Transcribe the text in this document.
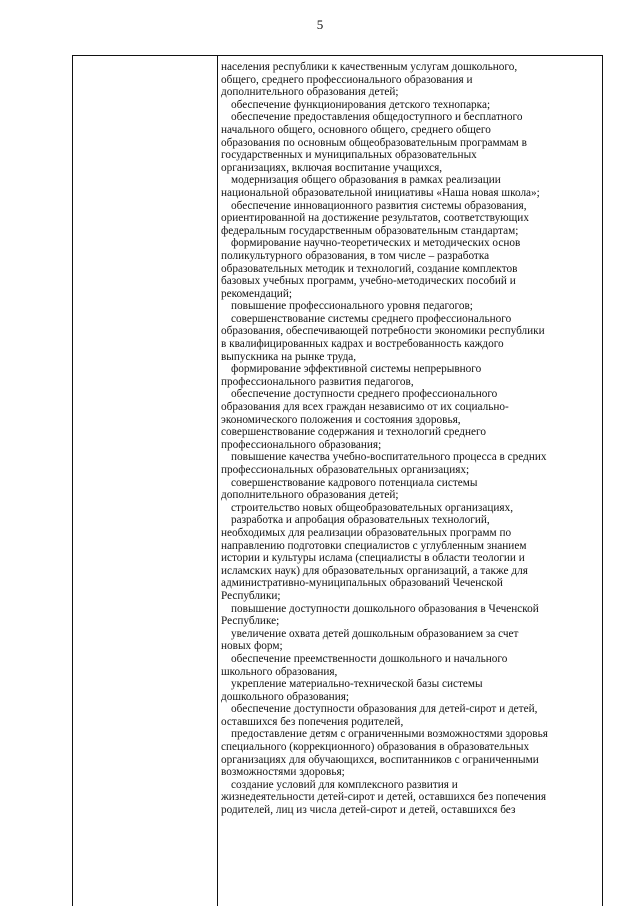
5
населения республики к качественным услугам дошкольного,
общего, среднего профессионального образования и
дополнительного образования детей;
обеспечение функционирования детского технопарка;
обеспечение предоставления общедоступного и бесплатного
начального общего, основного общего, среднего общего
образования по основным общеобразовательным программам в
государственных и муниципальных образовательных
организациях, включая воспитание учащихся,
модернизация общего образования в рамках реализации
национальной образовательной инициативы «Наша новая школа»;
обеспечение инновационного развития системы образования,
ориентированной на достижение результатов, соответствующих
федеральным государственным образовательным стандартам;
формирование научно-теоретических и методических основ
поликультурного образования, в том числе – разработка
образовательных методик и технологий, создание комплектов
базовых учебных программ, учебно-методических пособий и
рекомендаций;
повышение профессионального уровня педагогов;
совершенствование системы среднего профессионального
образования, обеспечивающей потребности экономики республики
в квалифицированных кадрах и востребованность каждого
выпускника на рынке труда,
формирование эффективной системы непрерывного
профессионального развития педагогов,
обеспечение доступности среднего профессионального
образования для всех граждан независимо от их социально-
экономического положения и состояния здоровья,
совершенствование содержания и технологий среднего
профессионального образования;
повышение качества учебно-воспитательного процесса в средних
профессиональных образовательных организациях;
совершенствование кадрового потенциала системы
дополнительного образования детей;
строительство новых общеобразовательных организациях,
разработка и апробация образовательных технологий,
необходимых для реализации образовательных программ по
направлению подготовки специалистов с углубленным знанием
истории и культуры ислама (специалисты в области теологии и
исламских наук) для образовательных организаций, а также для
административно-муниципальных образований Чеченской
Республики;
повышение доступности дошкольного образования в Чеченской
Республике;
увеличение охвата детей дошкольным образованием за счет
новых форм;
обеспечение преемственности дошкольного и начального
школьного образования,
укрепление материально-технической базы системы
дошкольного образования;
обеспечение доступности образования для детей-сирот и детей,
оставшихся без попечения родителей,
предоставление детям с ограниченными возможностями здоровья
специального (коррекционного) образования в образовательных
организациях для обучающихся, воспитанников с ограниченными
возможностями здоровья;
создание условий для комплексного развития и
жизнедеятельности детей-сирот и детей, оставшихся без попечения
родителей, лиц из числа детей-сирот и детей, оставшихся без
